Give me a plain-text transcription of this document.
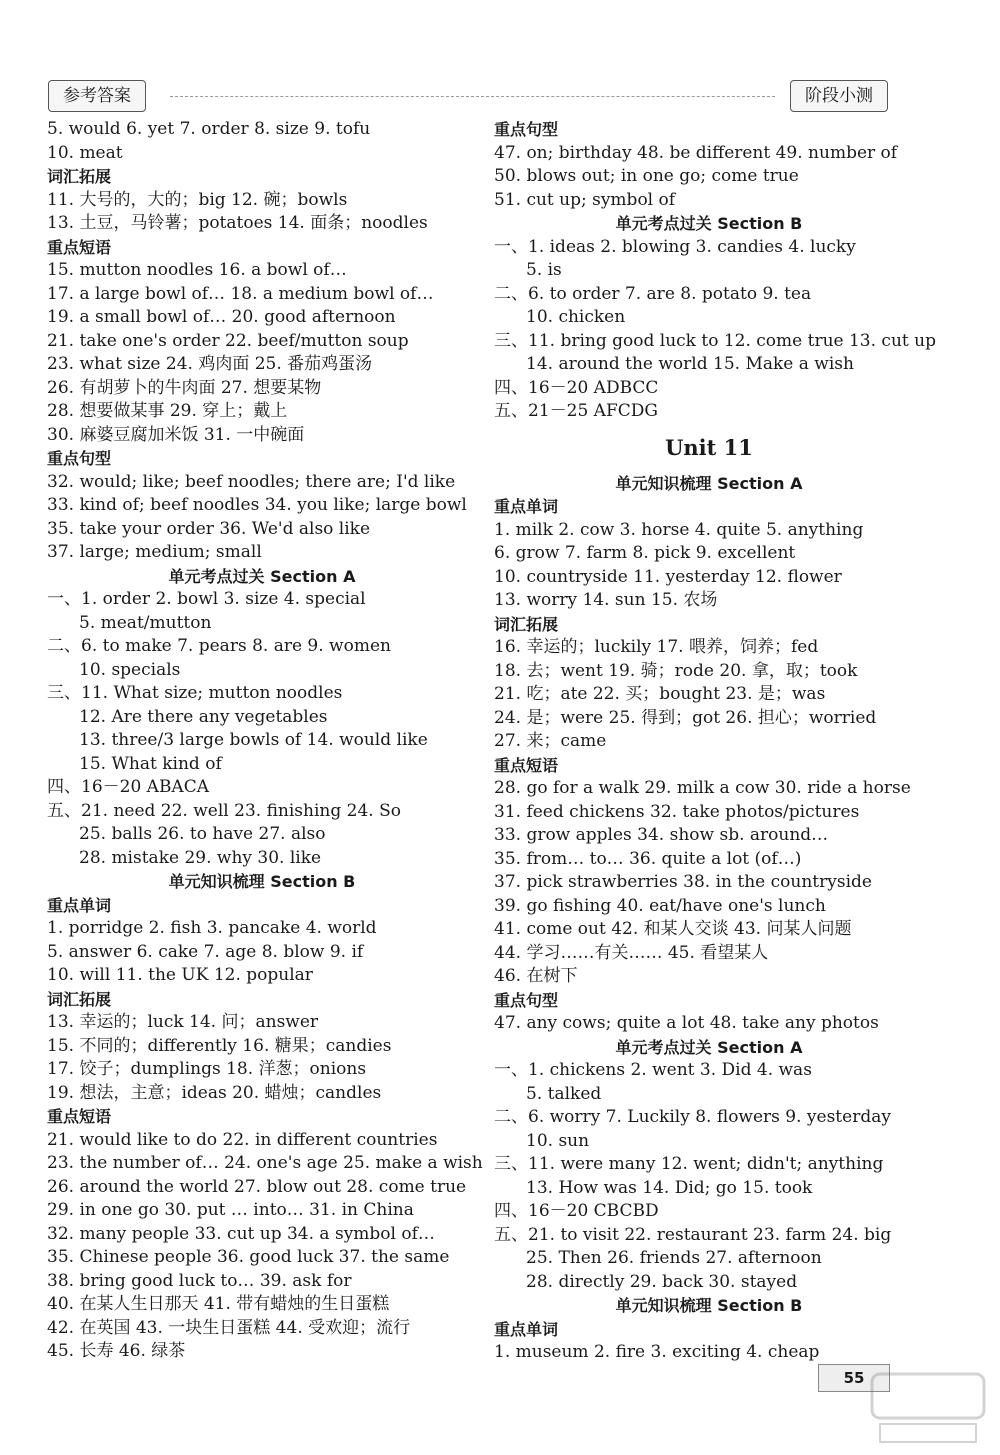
参考答案	阶段小测
5. would 6. yet 7. order 8. size 9. tofu
10. meat
词汇拓展
11. 大号的，大的；big 12. 碗；bowls
13. 土豆，马铃薯；potatoes 14. 面条；noodles
重点短语
15. mutton noodles 16. a bowl of…
17. a large bowl of… 18. a medium bowl of…
19. a small bowl of… 20. good afternoon
21. take one's order 22. beef/mutton soup
23. what size 24. 鸡肉面 25. 番茄鸡蛋汤
26. 有胡萝卜的牛肉面 27. 想要某物
28. 想要做某事 29. 穿上；戴上
30. 麻婆豆腐加米饭 31. 一中碗面
重点句型
32. would; like; beef noodles; there are; I'd like
33. kind of; beef noodles 34. you like; large bowl
35. take your order 36. We'd also like
37. large; medium; small
单元考点过关 Section A
一、1. order 2. bowl 3. size 4. special
5. meat/mutton
二、6. to make 7. pears 8. are 9. women
10. specials
三、11. What size; mutton noodles
12. Are there any vegetables
13. three/3 large bowls of 14. would like
15. What kind of
四、16－20 ABACA
五、21. need 22. well 23. finishing 24. So
25. balls 26. to have 27. also
28. mistake 29. why 30. like
单元知识梳理 Section B
重点单词
1. porridge 2. fish 3. pancake 4. world
5. answer 6. cake 7. age 8. blow 9. if
10. will 11. the UK 12. popular
词汇拓展
13. 幸运的；luck 14. 问；answer
15. 不同的；differently 16. 糖果；candies
17. 饺子；dumplings 18. 洋葱；onions
19. 想法，主意；ideas 20. 蜡烛；candles
重点短语
21. would like to do 22. in different countries
23. the number of… 24. one's age 25. make a wish
26. around the world 27. blow out 28. come true
29. in one go 30. put … into… 31. in China
32. many people 33. cut up 34. a symbol of…
35. Chinese people 36. good luck 37. the same
38. bring good luck to… 39. ask for
40. 在某人生日那天 41. 带有蜡烛的生日蛋糕
42. 在英国 43. 一块生日蛋糕 44. 受欢迎；流行
45. 长寿 46. 绿茶
重点句型
47. on; birthday 48. be different 49. number of
50. blows out; in one go; come true
51. cut up; symbol of
单元考点过关 Section B
一、1. ideas 2. blowing 3. candies 4. lucky
5. is
二、6. to order 7. are 8. potato 9. tea
10. chicken
三、11. bring good luck to 12. come true 13. cut up
14. around the world 15. Make a wish
四、16－20 ADBCC
五、21－25 AFCDG
Unit 11
单元知识梳理 Section A
重点单词
1. milk 2. cow 3. horse 4. quite 5. anything
6. grow 7. farm 8. pick 9. excellent
10. countryside 11. yesterday 12. flower
13. worry 14. sun 15. 农场
词汇拓展
16. 幸运的；luckily 17. 喂养，饲养；fed
18. 去；went 19. 骑；rode 20. 拿，取；took
21. 吃；ate 22. 买；bought 23. 是；was
24. 是；were 25. 得到；got 26. 担心；worried
27. 来；came
重点短语
28. go for a walk 29. milk a cow 30. ride a horse
31. feed chickens 32. take photos/pictures
33. grow apples 34. show sb. around…
35. from… to… 36. quite a lot (of…)
37. pick strawberries 38. in the countryside
39. go fishing 40. eat/have one's lunch
41. come out 42. 和某人交谈 43. 问某人问题
44. 学习……有关…… 45. 看望某人
46. 在树下
重点句型
47. any cows; quite a lot 48. take any photos
单元考点过关 Section A
一、1. chickens 2. went 3. Did 4. was
5. talked
二、6. worry 7. Luckily 8. flowers 9. yesterday
10. sun
三、11. were many 12. went; didn't; anything
13. How was 14. Did; go 15. took
四、16－20 CBCBD
五、21. to visit 22. restaurant 23. farm 24. big
25. Then 26. friends 27. afternoon
28. directly 29. back 30. stayed
单元知识梳理 Section B
重点单词
1. museum 2. fire 3. exciting 4. cheap
55
